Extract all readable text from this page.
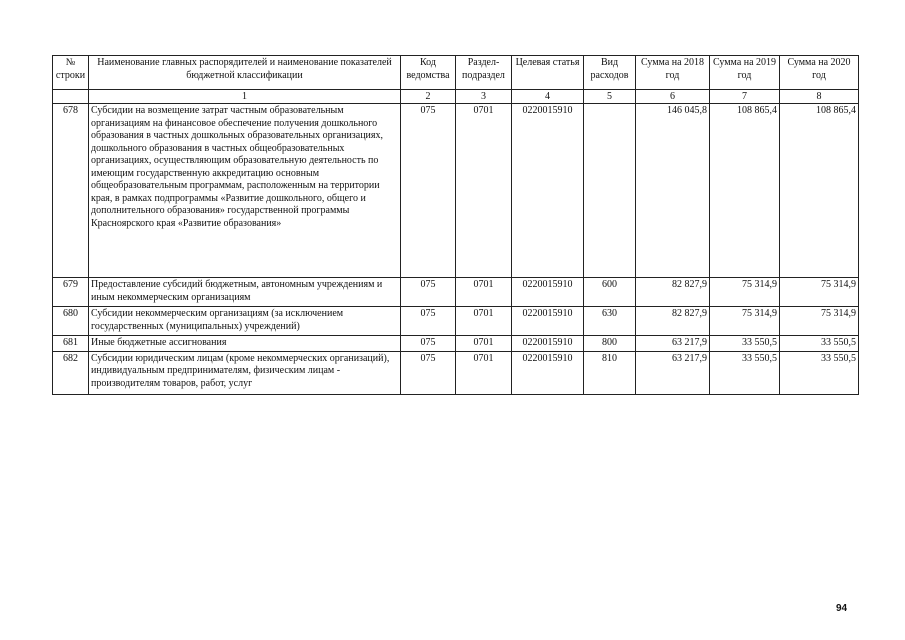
№ строки	Наименование главных распорядителей и наименование показателей бюджетной классификации	Код ведомства	Раздел-подраздел	Целевая статья	Вид расходов	Сумма на 2018 год	Сумма на 2019 год	Сумма на 2020 год
	1	2	3	4	5	6	7	8
678	Субсидии на возмещение затрат частным образовательным организациям на финансовое обеспечение получения дошкольного образования в частных дошкольных образовательных организациях, дошкольного образования в частных общеобразовательных организациях, осуществляющим образовательную деятельность по имеющим государственную аккредитацию основным общеобразовательным программам, расположенным на территории края, в рамках подпрограммы «Развитие дошкольного, общего и дополнительного образования» государственной программы Красноярского края «Развитие образования»	075	0701	0220015910		146 045,8	108 865,4	108 865,4
679	Предоставление субсидий бюджетным, автономным учреждениям и иным некоммерческим организациям	075	0701	0220015910	600	82 827,9	75 314,9	75 314,9
680	Субсидии некоммерческим организациям (за исключением государственных (муниципальных) учреждений)	075	0701	0220015910	630	82 827,9	75 314,9	75 314,9
681	Иные бюджетные ассигнования	075	0701	0220015910	800	63 217,9	33 550,5	33 550,5
682	Субсидии юридическим лицам (кроме некоммерческих организаций), индивидуальным предпринимателям, физическим лицам - производителям товаров, работ, услуг	075	0701	0220015910	810	63 217,9	33 550,5	33 550,5
94
